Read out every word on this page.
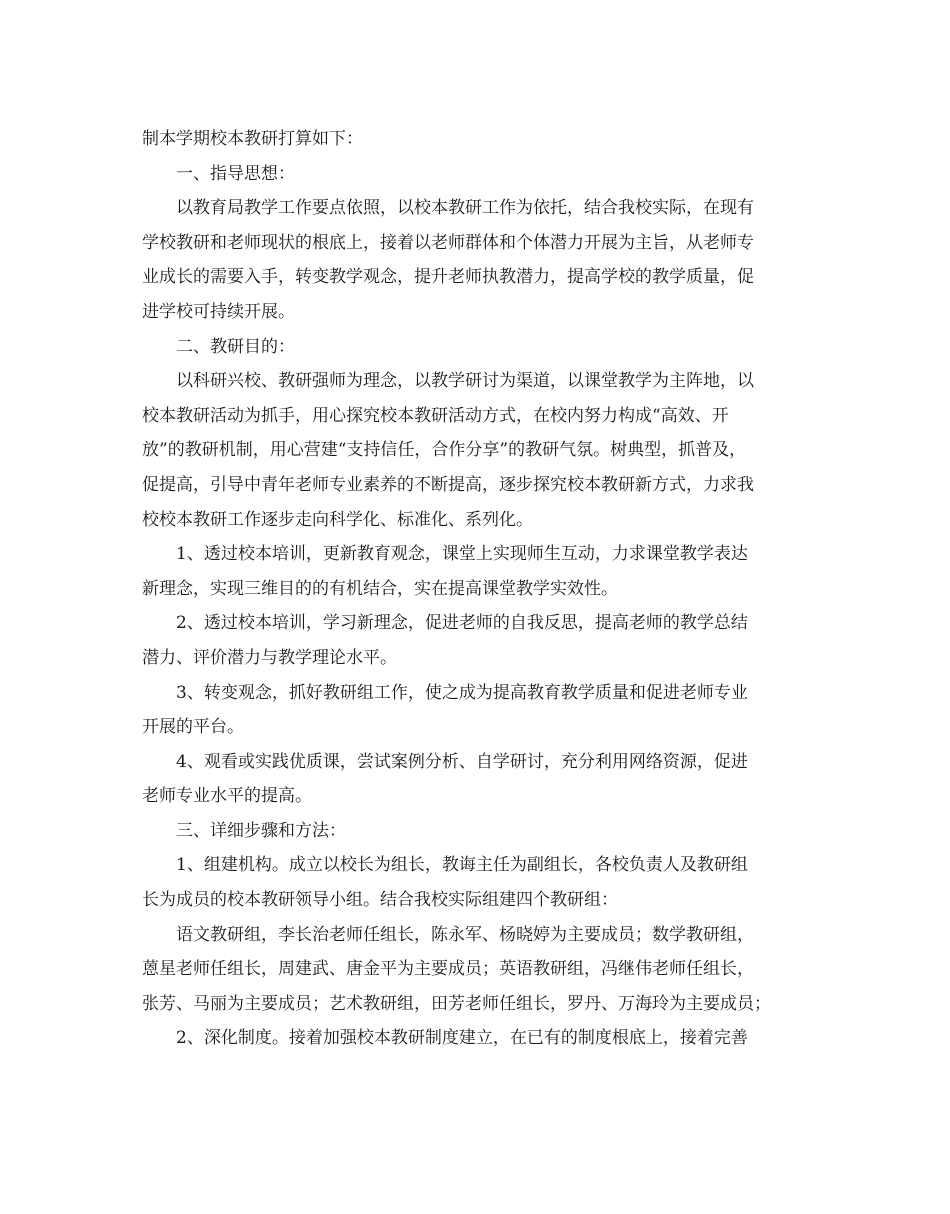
制本学期校本教研打算如下：
一、指导思想：
以教育局教学工作要点依照，以校本教研工作为依托，结合我校实际，在现有
学校教研和老师现状的根底上，接着以老师群体和个体潜力开展为主旨，从老师专
业成长的需要入手，转变教学观念，提升老师执教潜力，提高学校的教学质量，促
进学校可持续开展。
二、教研目的：
以科研兴校、教研强师为理念，以教学研讨为渠道，以课堂教学为主阵地，以
校本教研活动为抓手，用心探究校本教研活动方式，在校内努力构成“高效、开
放”的教研机制，用心营建“支持信任，合作分享”的教研气氛。树典型，抓普及，
促提高，引导中青年老师专业素养的不断提高，逐步探究校本教研新方式，力求我
校校本教研工作逐步走向科学化、标准化、系列化。
1、透过校本培训，更新教育观念，课堂上实现师生互动，力求课堂教学表达
新理念，实现三维目的的有机结合，实在提高课堂教学实效性。
2、透过校本培训，学习新理念，促进老师的自我反思，提高老师的教学总结
潜力、评价潜力与教学理论水平。
3、转变观念，抓好教研组工作，使之成为提高教育教学质量和促进老师专业
开展的平台。
4、观看或实践优质课，尝试案例分析、自学研讨，充分利用网络资源，促进
老师专业水平的提高。
三、详细步骤和方法：
1、组建机构。成立以校长为组长，教诲主任为副组长，各校负责人及教研组
长为成员的校本教研领导小组。结合我校实际组建四个教研组：
语文教研组，李长治老师任组长，陈永军、杨晓婷为主要成员；数学教研组，
蒽星老师任组长，周建武、唐金平为主要成员；英语教研组，冯继伟老师任组长，
张芳、马丽为主要成员；艺术教研组，田芳老师任组长，罗丹、万海玲为主要成员；
2、深化制度。接着加强校本教研制度建立，在已有的制度根底上，接着完善
